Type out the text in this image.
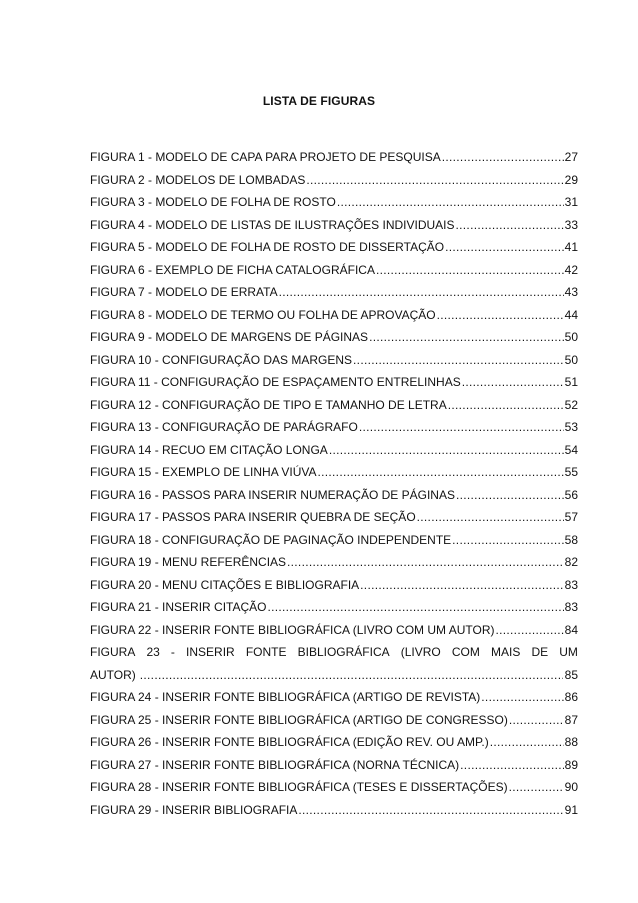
LISTA DE FIGURAS
FIGURA 1 - MODELO DE CAPA PARA PROJETO DE PESQUISA .....	27
FIGURA 2 - MODELOS DE LOMBADAS .....	29
FIGURA 3 - MODELO DE FOLHA DE ROSTO .....	31
FIGURA 4 - MODELO DE LISTAS DE ILUSTRAÇÕES INDIVIDUAIS .....	33
FIGURA 5 - MODELO DE FOLHA DE ROSTO DE DISSERTAÇÃO .....	41
FIGURA 6 - EXEMPLO DE FICHA CATALOGRÁFICA .....	42
FIGURA 7 - MODELO DE ERRATA .....	43
FIGURA 8 - MODELO DE TERMO OU FOLHA DE APROVAÇÃO .....	44
FIGURA 9 - MODELO DE MARGENS DE PÁGINAS .....	50
FIGURA 10 - CONFIGURAÇÃO DAS MARGENS .....	50
FIGURA 11 - CONFIGURAÇÃO DE ESPAÇAMENTO ENTRELINHAS .....	51
FIGURA 12 - CONFIGURAÇÃO DE TIPO E TAMANHO DE LETRA .....	52
FIGURA 13 - CONFIGURAÇÃO DE PARÁGRAFO .....	53
FIGURA 14 - RECUO EM CITAÇÃO LONGA .....	54
FIGURA 15 - EXEMPLO DE LINHA VIÚVA .....	55
FIGURA 16 - PASSOS PARA INSERIR NUMERAÇÃO DE PÁGINAS .....	56
FIGURA 17 - PASSOS PARA INSERIR QUEBRA DE SEÇÃO .....	57
FIGURA 18 - CONFIGURAÇÃO DE PAGINAÇÃO INDEPENDENTE .....	58
FIGURA 19 - MENU REFERÊNCIAS .....	82
FIGURA 20 - MENU CITAÇÕES E BIBLIOGRAFIA .....	83
FIGURA 21 - INSERIR CITAÇÃO .....	83
FIGURA 22 - INSERIR FONTE BIBLIOGRÁFICA (LIVRO COM UM AUTOR) .....	84
FIGURA 23 - INSERIR FONTE BIBLIOGRÁFICA (LIVRO COM MAIS DE UM
AUTOR) .....	85
FIGURA 24 - INSERIR FONTE BIBLIOGRÁFICA (ARTIGO DE REVISTA) .....	86
FIGURA 25 - INSERIR FONTE BIBLIOGRÁFICA (ARTIGO DE CONGRESSO) .....	87
FIGURA 26 - INSERIR FONTE BIBLIOGRÁFICA (EDIÇÃO REV. OU AMP.) .....	88
FIGURA 27 - INSERIR FONTE BIBLIOGRÁFICA (NORNA TÉCNICA) .....	89
FIGURA 28 - INSERIR FONTE BIBLIOGRÁFICA (TESES E DISSERTAÇÕES) .....	90
FIGURA 29 - INSERIR BIBLIOGRAFIA .....	91
